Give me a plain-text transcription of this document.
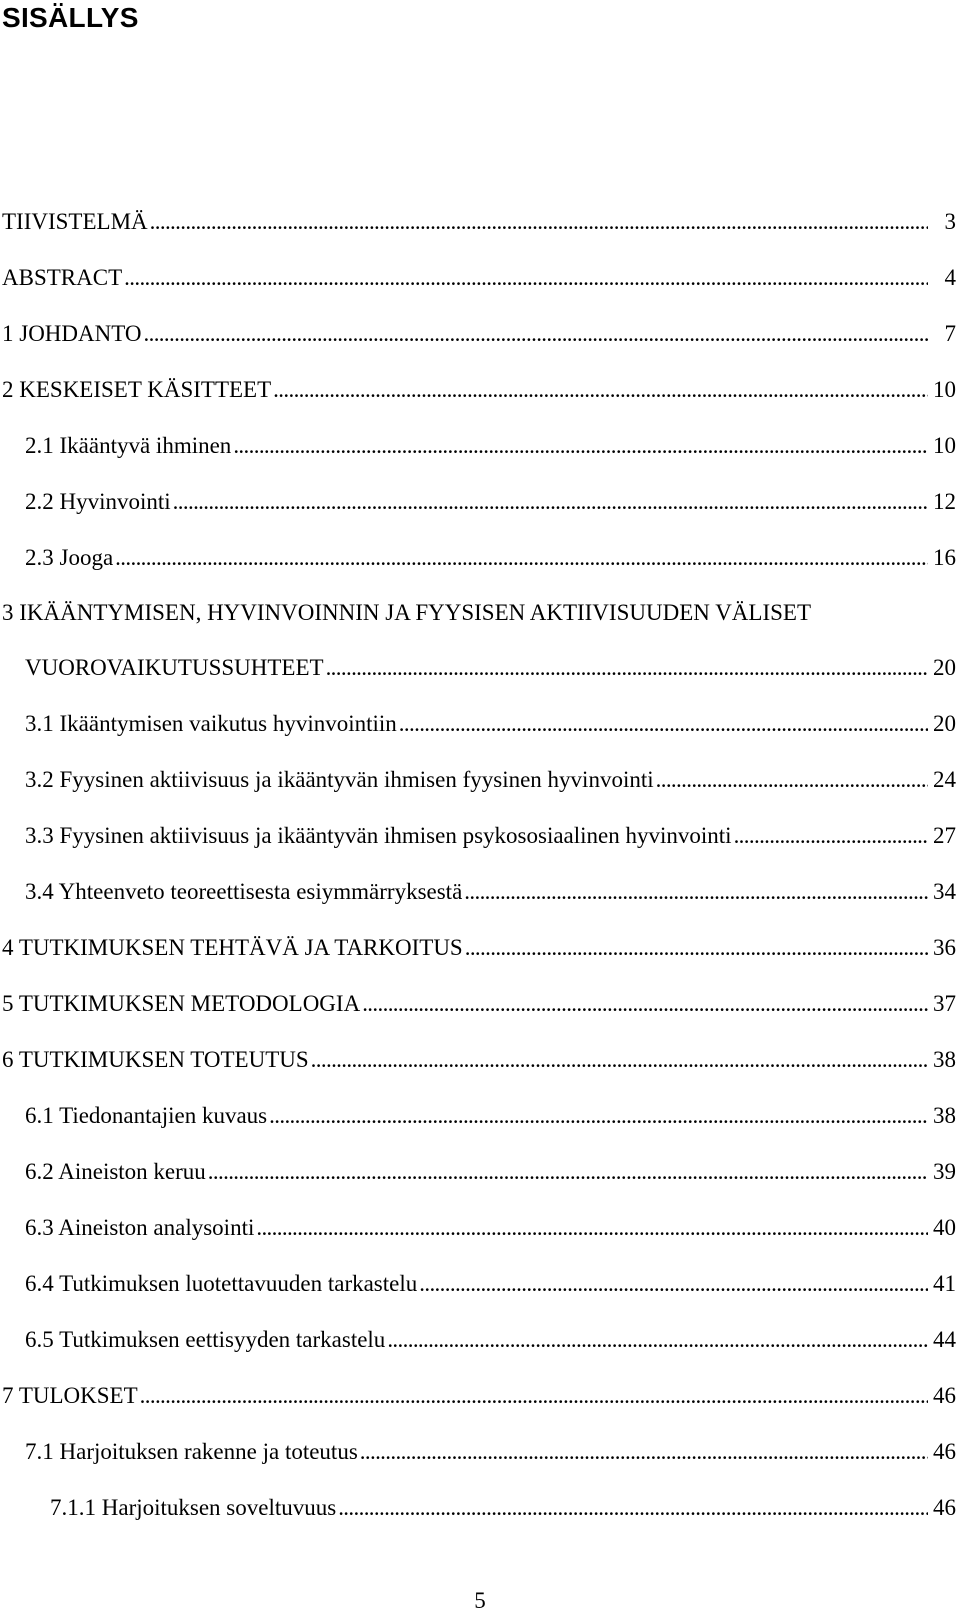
SISÄLLYS
TIIVISTELMÄ . . .	3
ABSTRACT . . .	4
1 JOHDANTO . . .	7
2 KESKEISET KÄSITTEET . . .	10
2.1 Ikääntyvä ihminen . . .	10
2.2 Hyvinvointi . . .	12
2.3 Jooga . . .	16
3 IKÄÄNTYMISEN, HYVINVOINNIN JA FYYSISEN AKTIIVISUUDEN VÄLISET
VUOROVAIKUTUSSUHTEET . . .	20
3.1 Ikääntymisen vaikutus hyvinvointiin . . .	20
3.2 Fyysinen aktiivisuus ja ikääntyvän ihmisen fyysinen hyvinvointi . . .	24
3.3 Fyysinen aktiivisuus ja ikääntyvän ihmisen psykososiaalinen hyvinvointi . . .	27
3.4 Yhteenveto teoreettisesta esiymmärryksestä . . .	34
4 TUTKIMUKSEN TEHTÄVÄ JA TARKOITUS . . .	36
5 TUTKIMUKSEN METODOLOGIA . . .	37
6 TUTKIMUKSEN TOTEUTUS . . .	38
6.1 Tiedonantajien kuvaus . . .	38
6.2 Aineiston keruu . . .	39
6.3 Aineiston analysointi . . .	40
6.4 Tutkimuksen luotettavuuden tarkastelu . . .	41
6.5 Tutkimuksen eettisyyden tarkastelu . . .	44
7 TULOKSET . . .	46
7.1 Harjoituksen rakenne ja toteutus . . .	46
7.1.1 Harjoituksen soveltuvuus . . .	46
5
